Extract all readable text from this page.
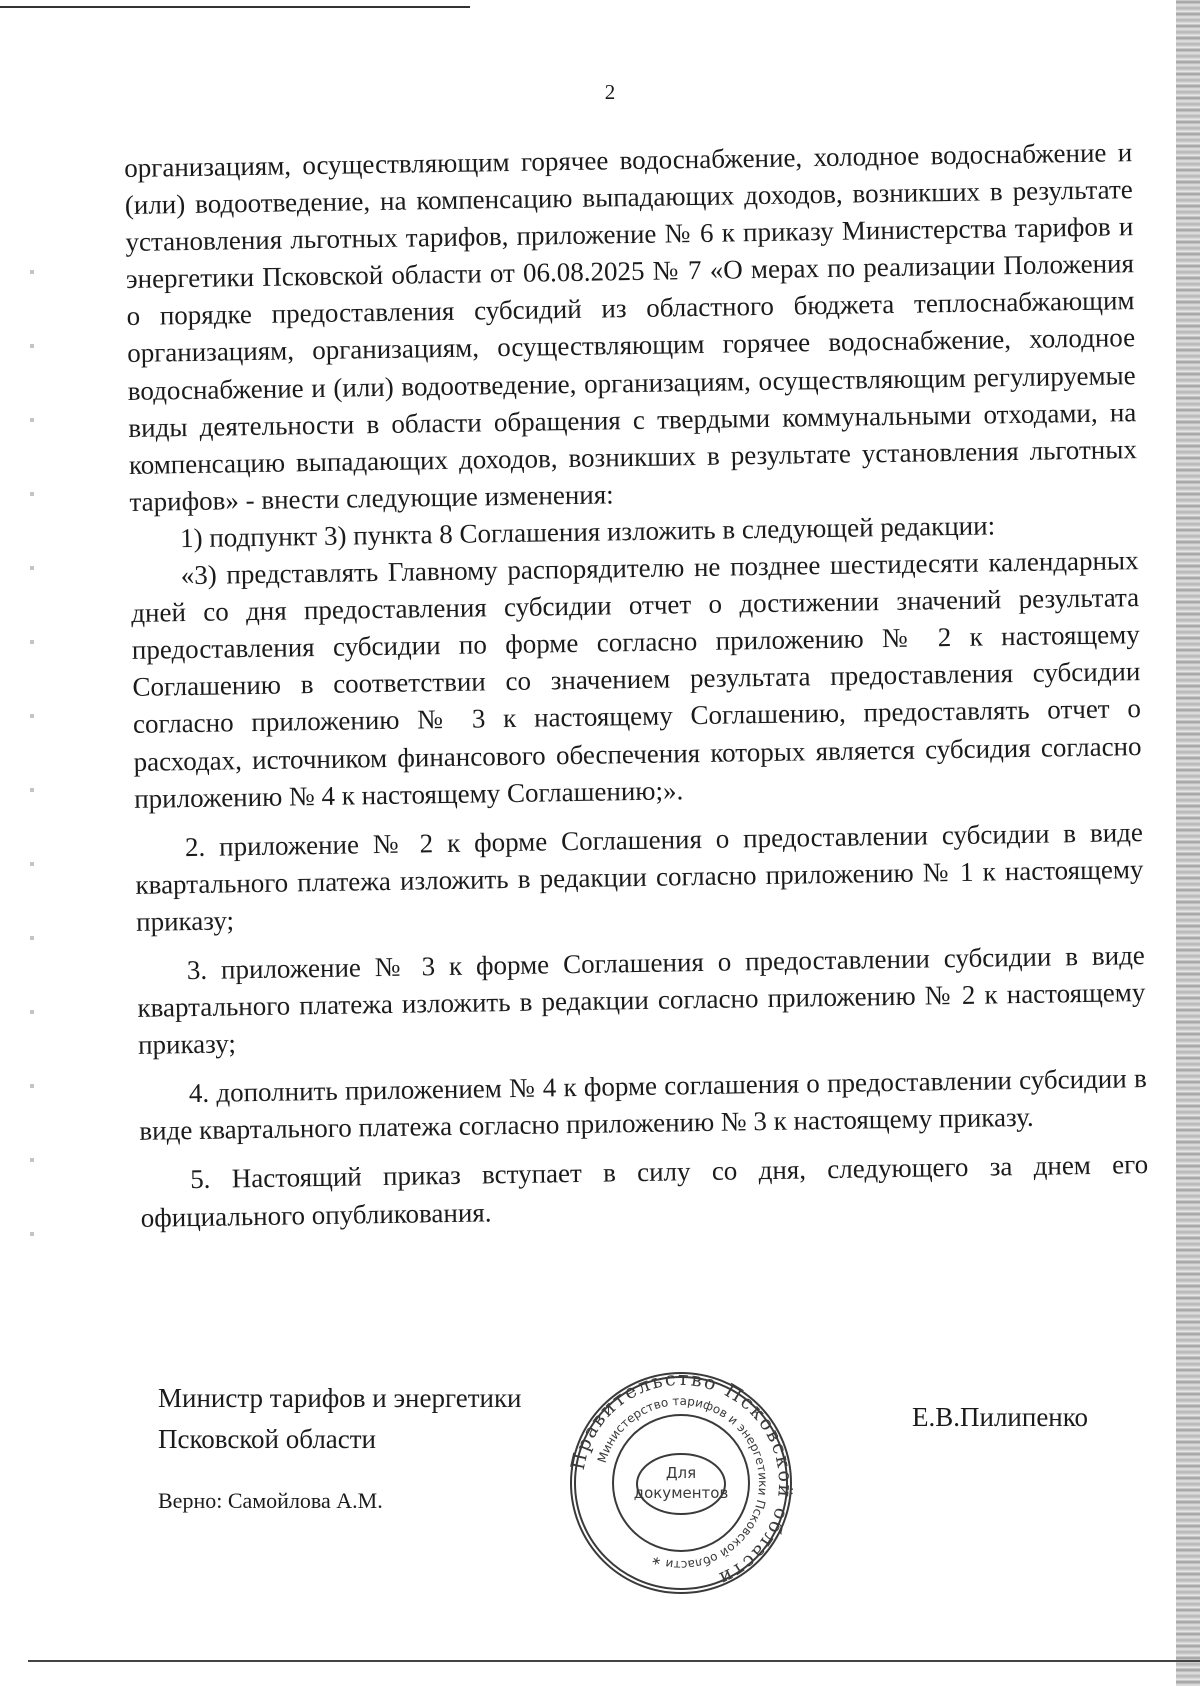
2

организациям, осуществляющим горячее водоснабжение, холодное водоснабжение и (или) водоотведение, на компенсацию выпадающих доходов, возникших в результате установления льготных тарифов, приложение № 6 к приказу Министерства тарифов и энергетики Псковской области от 06.08.2025 № 7 «О мерах по реализации Положения о порядке предоставления субсидий из областного бюджета теплоснабжающим организациям, организациям, осуществляющим горячее водоснабжение, холодное водоснабжение и (или) водоотведение, организациям, осуществляющим регулируемые виды деятельности в области обращения с твердыми коммунальными отходами, на компенсацию выпадающих доходов, возникших в результате установления льготных тарифов» - внести следующие изменения:

1) подпункт 3) пункта 8 Соглашения изложить в следующей редакции:

«3) представлять Главному распорядителю не позднее шестидесяти календарных дней со дня предоставления субсидии отчет о достижении значений результата предоставления субсидии по форме согласно приложению № 2 к настоящему Соглашению в соответствии со значением результата предоставления субсидии согласно приложению № 3 к настоящему Соглашению, предоставлять отчет о расходах, источником финансового обеспечения которых является субсидия согласно приложению № 4 к настоящему Соглашению;».

2. приложение № 2 к форме Соглашения о предоставлении субсидии в виде квартального платежа изложить в редакции согласно приложению № 1 к настоящему приказу;

3. приложение № 3 к форме Соглашения о предоставлении субсидии в виде квартального платежа изложить в редакции согласно приложению № 2 к настоящему приказу;

4. дополнить приложением № 4 к форме соглашения о предоставлении субсидии в виде квартального платежа согласно приложению № 3 к настоящему приказу.

5. Настоящий приказ вступает в силу со дня, следующего за днем его официального опубликования.

Министр тарифов и энергетики
Псковской области
Верно: Самойлова А.М.
Е.В.Пилипенко
Правительство Псковской области
Министерство тарифов и энергетики Псковской области ∗
Для
документов
